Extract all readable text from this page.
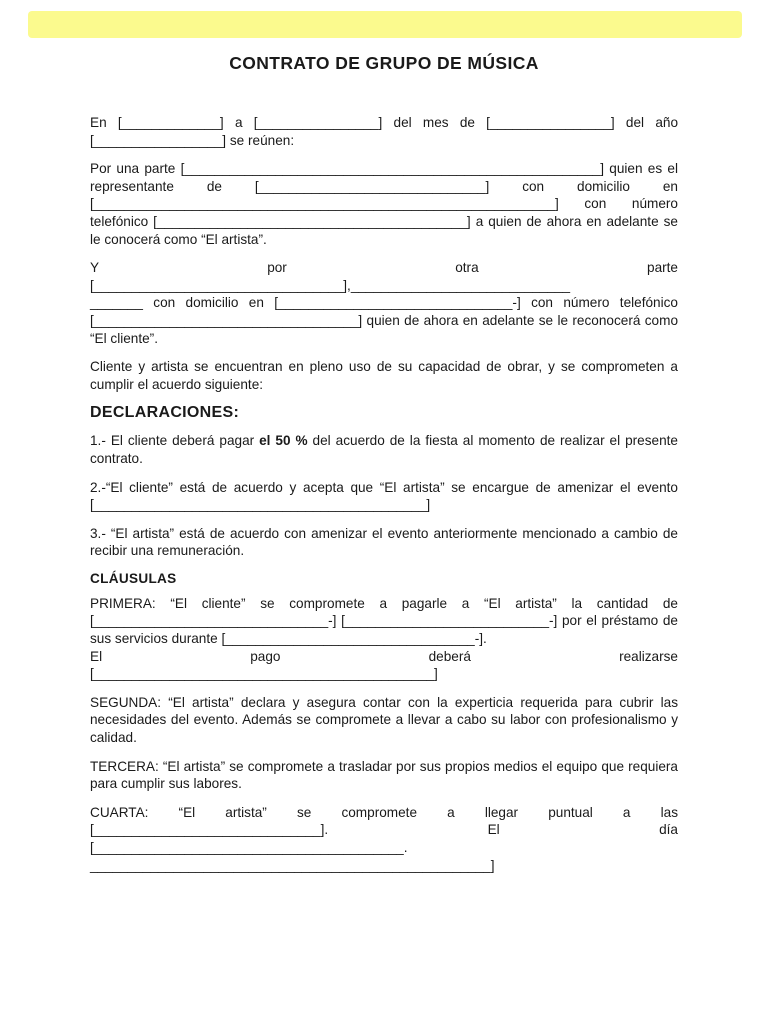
CONTRATO DE GRUPO DE MÚSICA

En [_____________] a [________________] del mes de [________________] del año [_________________] se reúnen:

Por una parte [_______________________________________________________] quien es el representante de [______________________________] con domicilio en [_____________________________________________________________] con número telefónico [_________________________________________] a quien de ahora en adelante se le conocerá como “El artista”.

Y por otra parte
[_________________________________],_____________________________
_______ con domicilio en [_______________________________-] con número telefónico [___________________________________] quien de ahora en adelante se le reconocerá como “El cliente”.

Cliente y artista se encuentran en pleno uso de su capacidad de obrar, y se comprometen a cumplir el acuerdo siguiente:

DECLARACIONES:

1.- El cliente deberá pagar el 50 % del acuerdo de la fiesta al momento de realizar el presente contrato.

2.-“El cliente” está de acuerdo y acepta que “El artista” se encargue de amenizar el evento [____________________________________________]

3.- “El artista” está de acuerdo con amenizar el evento anteriormente mencionado a cambio de recibir una remuneración.

CLÁUSULAS

PRIMERA: “El cliente” se compromete a pagarle a “El artista” la cantidad de [_______________________________-] [___________________________-] por el préstamo de sus servicios durante [_________________________________-].
El pago deberá realizarse
[_____________________________________________]

SEGUNDA: “El artista” declara y asegura contar con la experticia requerida para cubrir las necesidades del evento. Además se compromete a llevar a cabo su labor con profesionalismo y calidad.

TERCERA: “El artista” se compromete a trasladar por sus propios medios el equipo que requiera para cumplir sus labores.

CUARTA: “El artista” se compromete a llegar puntual a las
[______________________________]. El día
[_________________________________________.
_____________________________________________________]
